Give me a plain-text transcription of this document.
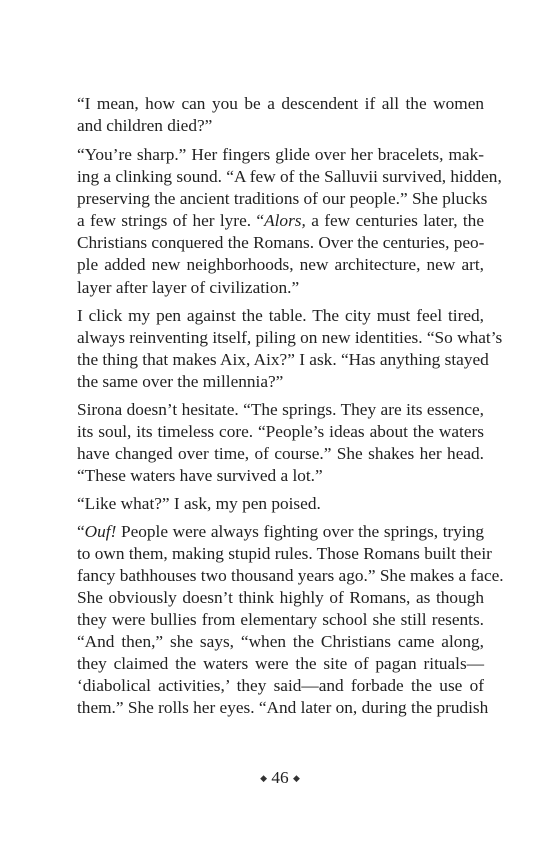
“I mean, how can you be a descendent if all the women
and children died?”
“You’re sharp.” Her fingers glide over her bracelets, mak-
ing a clinking sound. “A few of the Salluvii survived, hidden,
preserving the ancient traditions of our people.” She plucks
a few strings of her lyre. “Alors, a few centuries later, the
Christians conquered the Romans. Over the centuries, peo-
ple added new neighborhoods, new architecture, new art,
layer after layer of civilization.”
I click my pen against the table. The city must feel tired,
always reinventing itself, piling on new identities. “So what’s
the thing that makes Aix, Aix?” I ask. “Has anything stayed
the same over the millennia?”
Sirona doesn’t hesitate. “The springs. They are its essence,
its soul, its timeless core. “People’s ideas about the waters
have changed over time, of course.” She shakes her head.
“These waters have survived a lot.”
“Like what?” I ask, my pen poised.
“Ouf! People were always fighting over the springs, trying
to own them, making stupid rules. Those Romans built their
fancy bathhouses two thousand years ago.” She makes a face.
She obviously doesn’t think highly of Romans, as though
they were bullies from elementary school she still resents.
“And then,” she says, “when the Christians came along,
they claimed the waters were the site of pagan rituals—
‘diabolical activities,’ they said—and forbade the use of
them.” She rolls her eyes. “And later on, during the prudish
◆ 46 ◆
